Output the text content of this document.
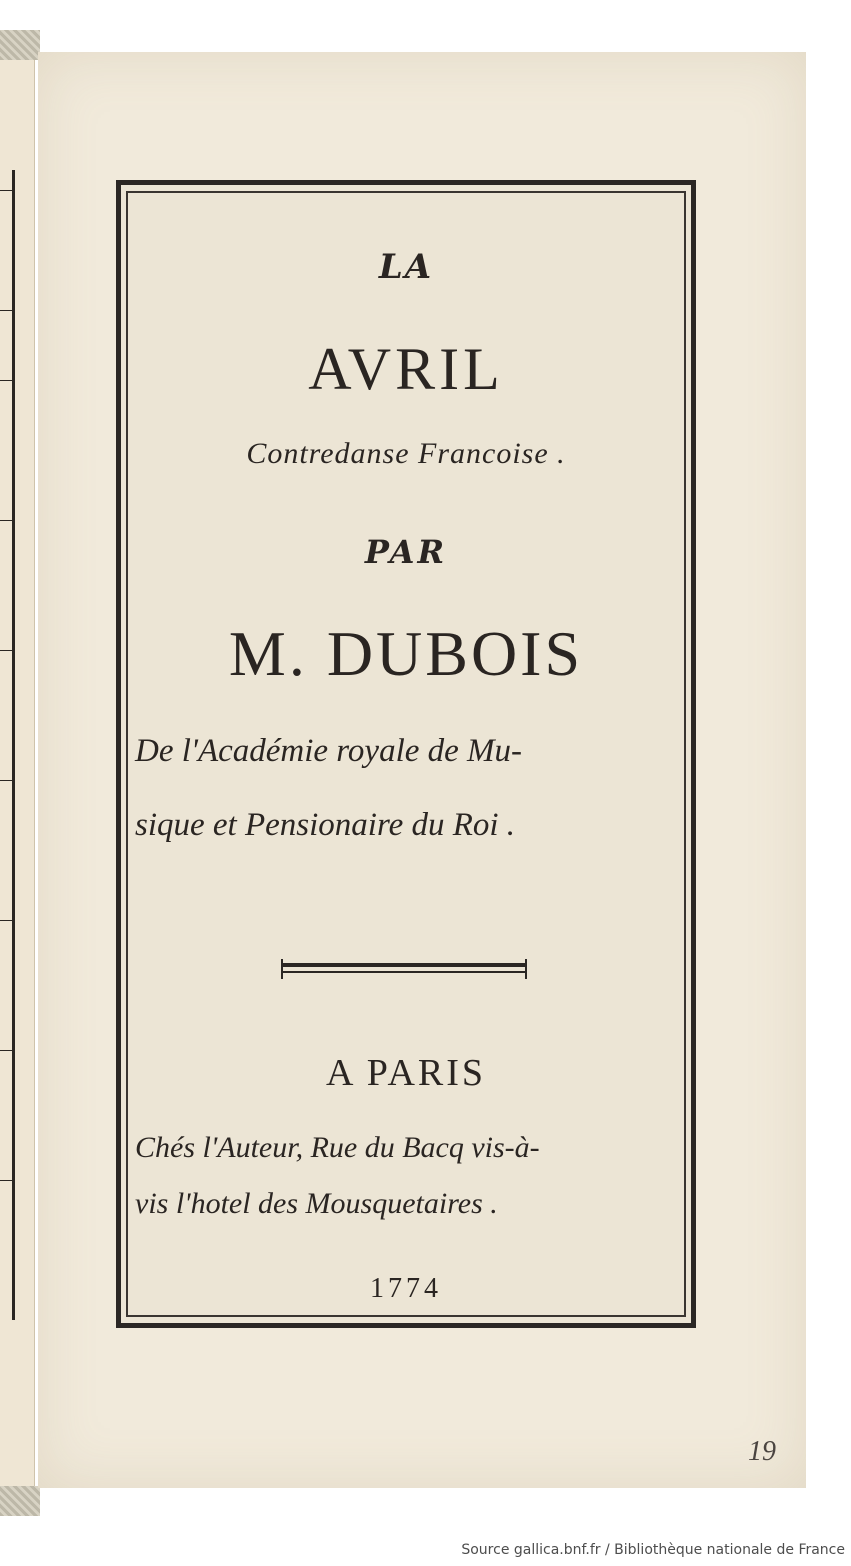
LA
AVRIL
Contredanse Francoise .
PAR
M. DUBOIS
De l'Académie royale de Mu-
sique et Pensionaire du Roi .
A PARIS
Chés l'Auteur, Rue du Bacq vis-à-
vis l'hotel des Mousquetaires .
1774
19
Source gallica.bnf.fr / Bibliothèque nationale de France
